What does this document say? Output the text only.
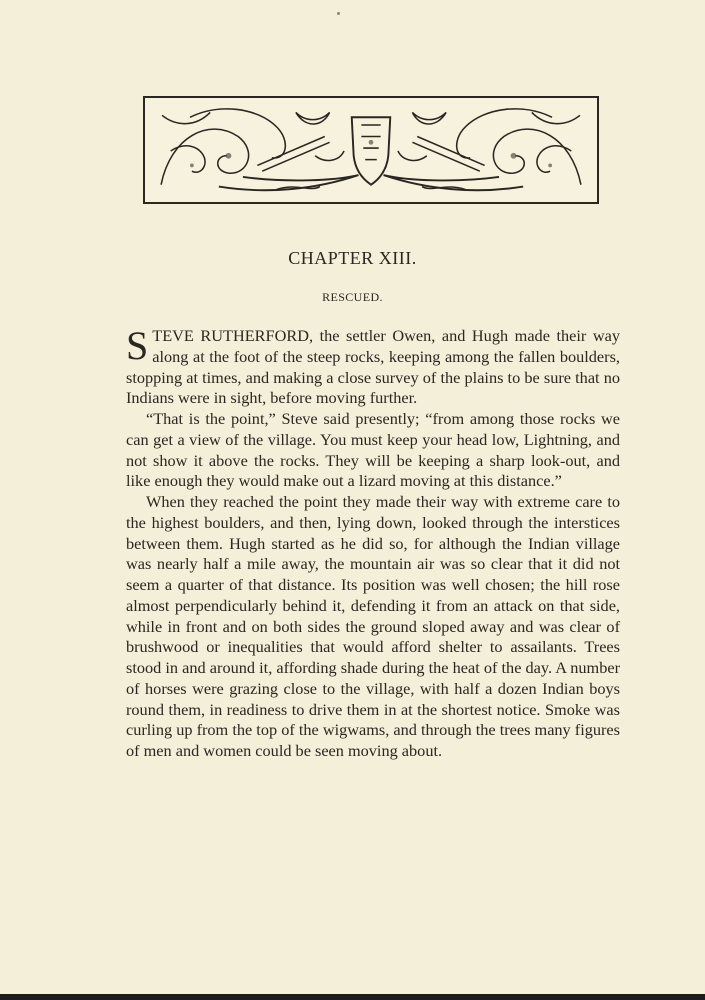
CHAPTER XIII.
RESCUED.

STEVE RUTHERFORD, the settler Owen, and Hugh made their way along at the foot of the steep rocks, keeping among the fallen boulders, stopping at times, and making a close survey of the plains to be sure that no Indians were in sight, before moving further.

“That is the point,” Steve said presently; “from among those rocks we can get a view of the village. You must keep your head low, Lightning, and not show it above the rocks. They will be keeping a sharp look-out, and like enough they would make out a lizard moving at this distance.”

When they reached the point they made their way with extreme care to the highest boulders, and then, lying down, looked through the interstices between them. Hugh started as he did so, for although the Indian village was nearly half a mile away, the mountain air was so clear that it did not seem a quarter of that distance. Its position was well chosen; the hill rose almost perpendicularly behind it, defending it from an attack on that side, while in front and on both sides the ground sloped away and was clear of brushwood or inequalities that would afford shelter to assailants. Trees stood in and around it, affording shade during the heat of the day. A number of horses were grazing close to the village, with half a dozen Indian boys round them, in readiness to drive them in at the shortest notice. Smoke was curling up from the top of the wigwams, and through the trees many figures of men and women could be seen moving about.
